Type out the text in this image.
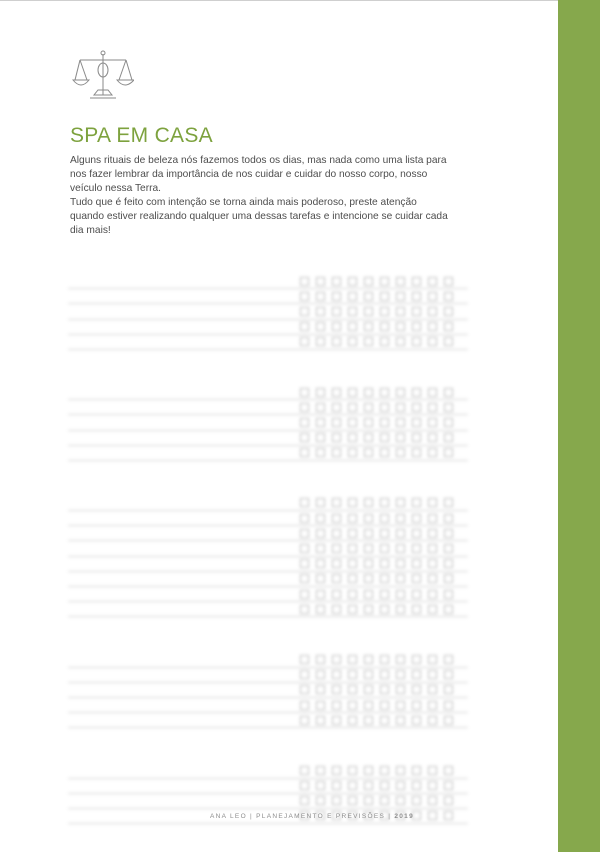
SPA EM CASA

Alguns rituais de beleza nós fazemos todos os dias, mas nada como uma lista para nos fazer lembrar da importância de nos cuidar e cuidar do nosso corpo, nosso veículo nessa Terra.

Tudo que é feito com intenção se torna ainda mais poderoso, preste atenção quando estiver realizando qualquer uma dessas tarefas e intencione se cuidar cada dia mais!

ANA LEO | PLANEJAMENTO E PREVISÕES | 2019
